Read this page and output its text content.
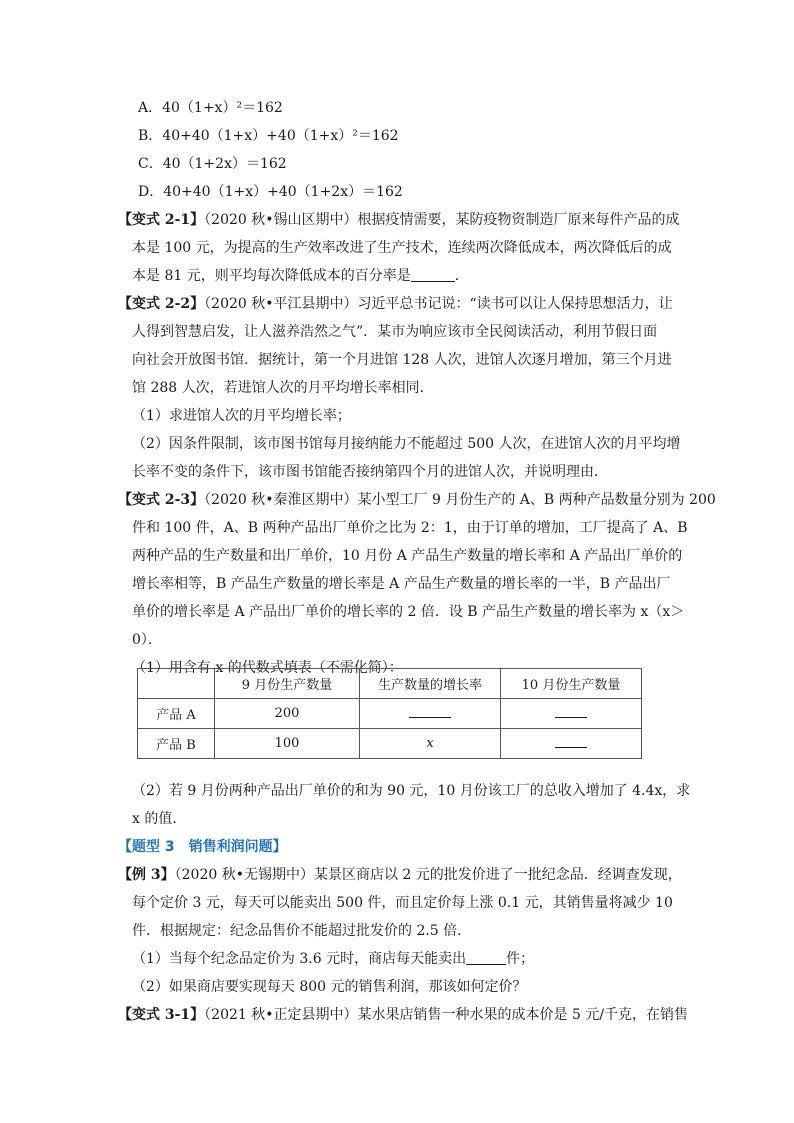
A．40（1+x）²＝162
B．40+40（1+x）+40（1+x）²＝162
C．40（1+2x）＝162
D．40+40（1+x）+40（1+2x）＝162
【变式 2-1】（2020 秋•锡山区期中）根据疫情需要，某防疫物资制造厂原来每件产品的成
本是 100 元，为提高的生产效率改进了生产技术，连续两次降低成本，两次降低后的成
本是 81 元，则平均每次降低成本的百分率是	．
【变式 2-2】（2020 秋•平江县期中）习近平总书记说：“读书可以让人保持思想活力，让
人得到智慧启发，让人滋养浩然之气”．某市为响应该市全民阅读活动，利用节假日面
向社会开放图书馆．据统计，第一个月进馆 128 人次，进馆人次逐月增加，第三个月进
馆 288 人次，若进馆人次的月平均增长率相同．
（1）求进馆人次的月平均增长率；
（2）因条件限制，该市图书馆每月接纳能力不能超过 500 人次，在进馆人次的月平均增
长率不变的条件下，该市图书馆能否接纳第四个月的进馆人次，并说明理由．
【变式 2-3】（2020 秋•秦淮区期中）某小型工厂 9 月份生产的 A、B 两种产品数量分别为 200
件和 100 件，A、B 两种产品出厂单价之比为 2：1，由于订单的增加，工厂提高了 A、B
两种产品的生产数量和出厂单价，10 月份 A 产品生产数量的增长率和 A 产品出厂单价的
增长率相等，B 产品生产数量的增长率是 A 产品生产数量的增长率的一半，B 产品出厂
单价的增长率是 A 产品出厂单价的增长率的 2 倍．设 B 产品生产数量的增长率为 x（x＞
0）．
（1）用含有 x 的代数式填表（不需化简）：
（2）若 9 月份两种产品出厂单价的和为 90 元，10 月份该工厂的总收入增加了 4.4x，求
x 的值．
【题型 3　销售利润问题】
【例 3】（2020 秋•无锡期中）某景区商店以 2 元的批发价进了一批纪念品．经调查发现，
每个定价 3 元，每天可以能卖出 500 件，而且定价每上涨 0.1 元，其销售量将减少 10
件．根据规定：纪念品售价不能超过批发价的 2.5 倍．
（1）当每个纪念品定价为 3.6 元时，商店每天能卖出	件；
（2）如果商店要实现每天 800 元的销售利润，那该如何定价？
【变式 3-1】（2021 秋•正定县期中）某水果店销售一种水果的成本价是 5 元/千克，在销售
	9 月份生产数量	生产数量的增长率	10 月份生产数量
产品 A	200		
产品 B	100	x	
